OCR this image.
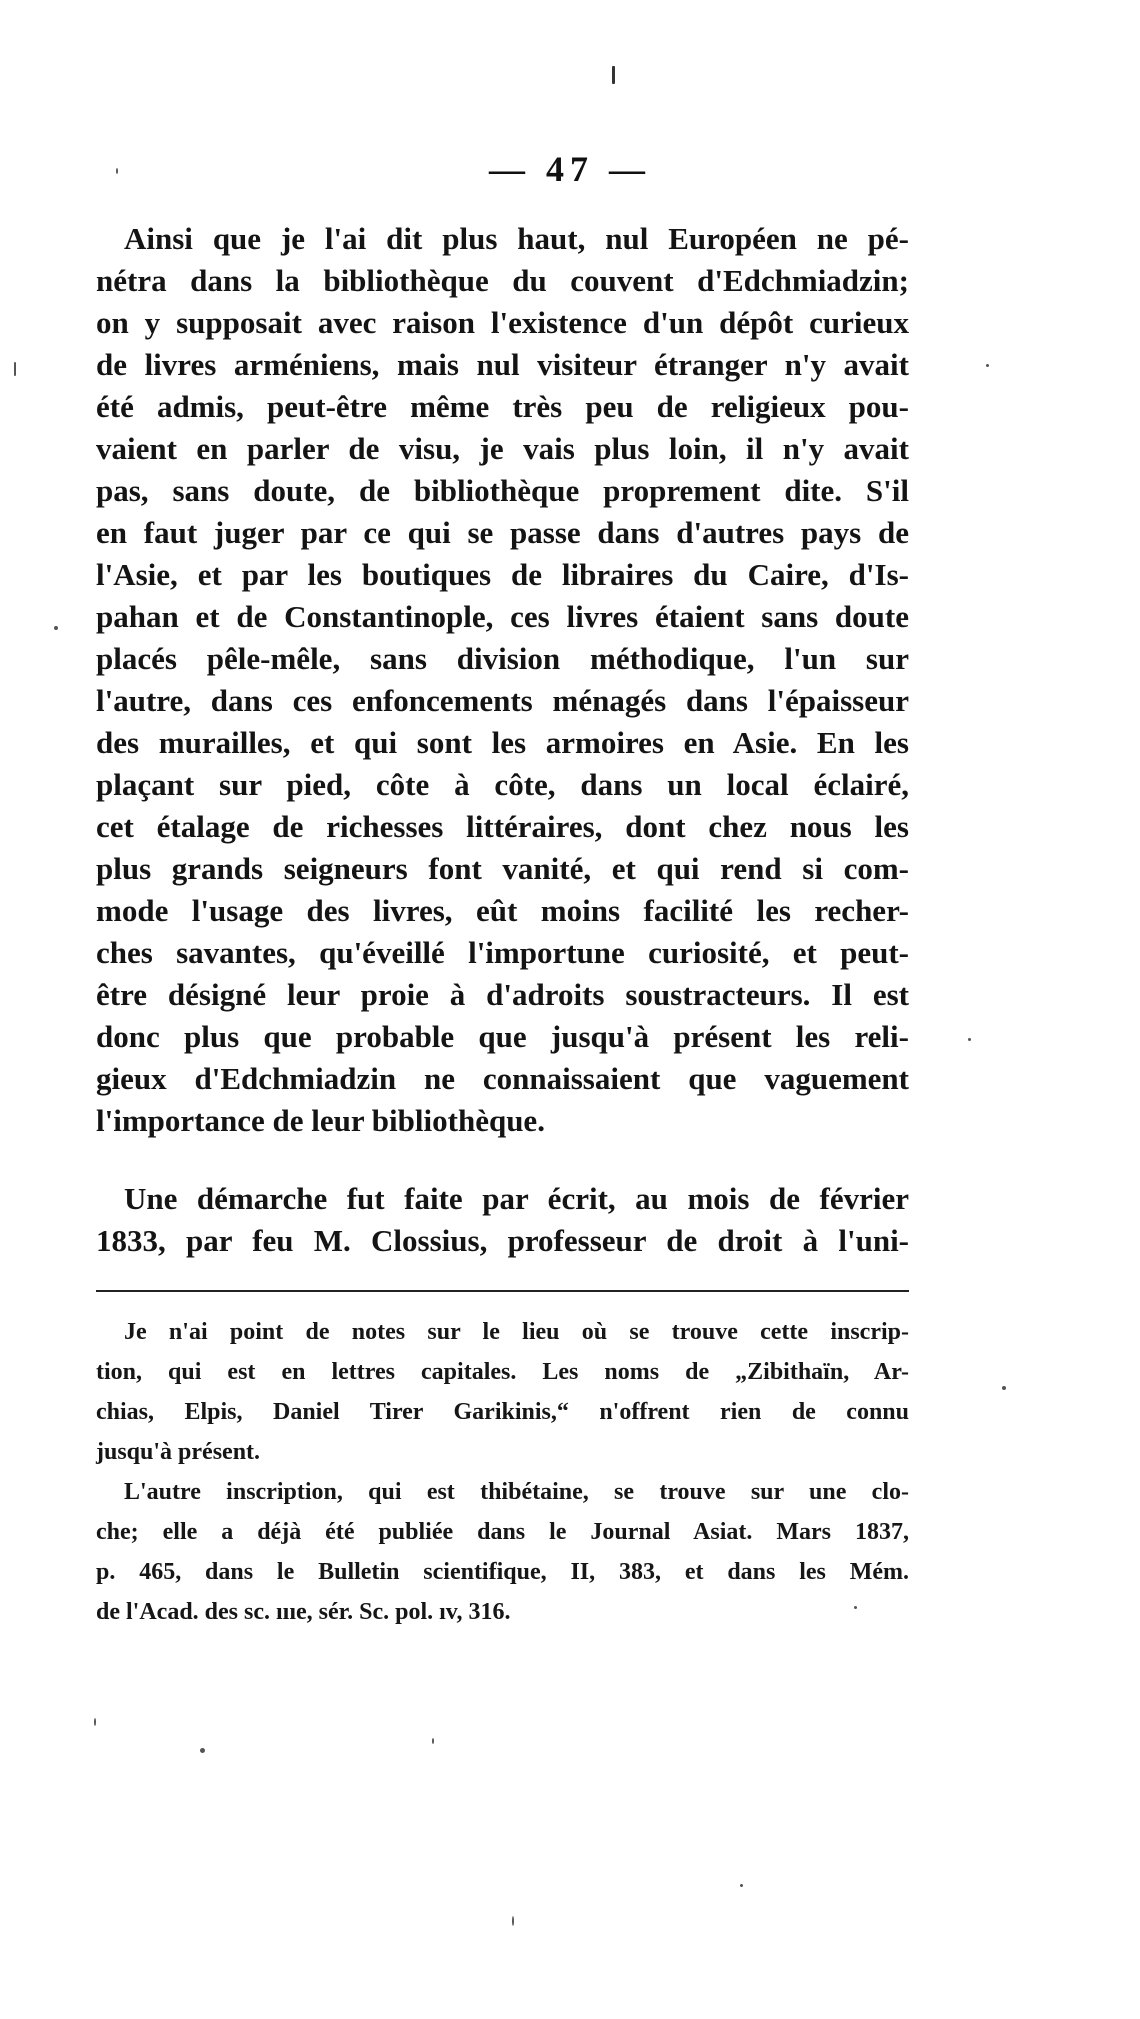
— 47 —
Ainsi que je l'ai dit plus haut, nul Européen ne pé-
nétra dans la bibliothèque du couvent d'Edchmiadzin;
on y supposait avec raison l'existence d'un dépôt curieux
de livres arméniens, mais nul visiteur étranger n'y avait
été admis, peut-être même très peu de religieux pou-
vaient en parler de visu, je vais plus loin, il n'y avait
pas, sans doute, de bibliothèque proprement dite. S'il
en faut juger par ce qui se passe dans d'autres pays de
l'Asie, et par les boutiques de libraires du Caire, d'Is-
pahan et de Constantinople, ces livres étaient sans doute
placés pêle-mêle, sans division méthodique, l'un sur
l'autre, dans ces enfoncements ménagés dans l'épaisseur
des murailles, et qui sont les armoires en Asie. En les
plaçant sur pied, côte à côte, dans un local éclairé,
cet étalage de richesses littéraires, dont chez nous les
plus grands seigneurs font vanité, et qui rend si com-
mode l'usage des livres, eût moins facilité les recher-
ches savantes, qu'éveillé l'importune curiosité, et peut-
être désigné leur proie à d'adroits soustracteurs. Il est
donc plus que probable que jusqu'à présent les reli-
gieux d'Edchmiadzin ne connaissaient que vaguement
l'importance de leur bibliothèque.
Une démarche fut faite par écrit, au mois de février
1833, par feu M. Clossius, professeur de droit à l'uni-
Je n'ai point de notes sur le lieu où se trouve cette inscrip-
tion, qui est en lettres capitales. Les noms de „Zibithaïn, Ar-
chias, Elpis, Daniel Tirer Garikinis,“ n'offrent rien de connu
jusqu'à présent.
L'autre inscription, qui est thibétaine, se trouve sur une clo-
che; elle a déjà été publiée dans le Journal Asiat. Mars 1837,
p. 465, dans le Bulletin scientifique, II, 383, et dans les Mém.
de l'Acad. des sc. ıııe, sér. Sc. pol. ıv, 316.
